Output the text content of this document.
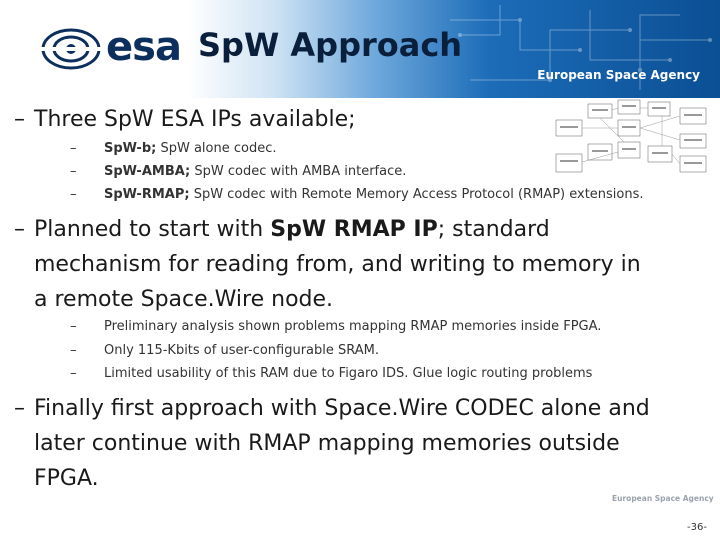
esa SpW Approach
European Space Agency
– Three SpW ESA IPs available;
– SpW-b; SpW alone codec.
– SpW-AMBA; SpW codec with AMBA interface.
– SpW-RMAP; SpW codec with Remote Memory Access Protocol (RMAP) extensions.
– Planned to start with SpW RMAP IP; standard
mechanism for reading from, and writing to memory in
a remote Space.Wire node.
– Preliminary analysis shown problems mapping RMAP memories inside FPGA.
– Only 115-Kbits of user-configurable SRAM.
– Limited usability of this RAM due to Figaro IDS. Glue logic routing problems
– Finally first approach with Space.Wire CODEC alone and
later continue with RMAP mapping memories outside
FPGA.
European Space Agency
-36-
